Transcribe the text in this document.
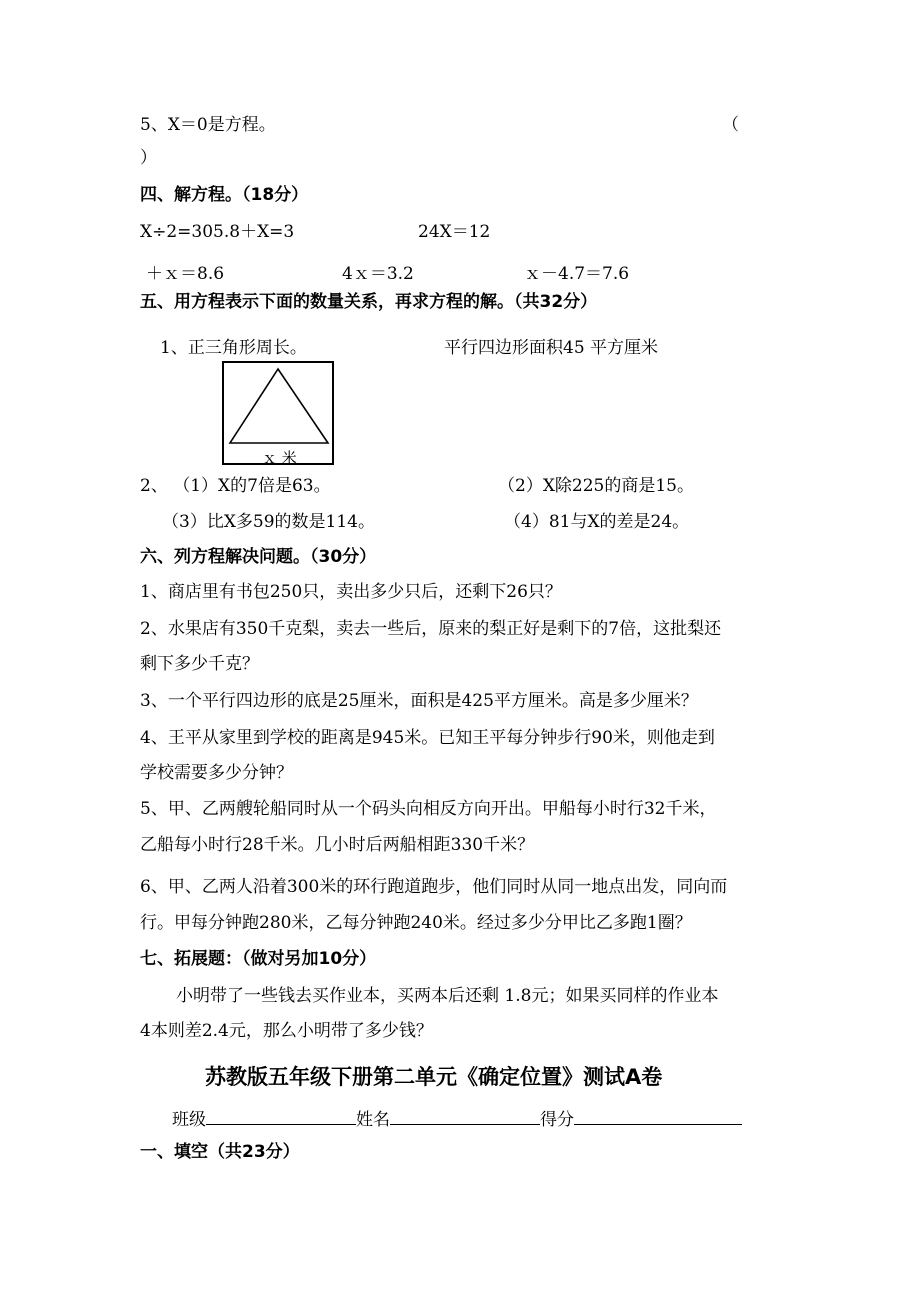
5、X＝0是方程。	（
）
四、解方程。（18分）
X÷2=305.8＋X=3	24X＝12
＋ｘ＝8.6	4ｘ＝3.2	ｘ－4.7＝7.6
五、用方程表示下面的数量关系，再求方程的解。（共32分）
1、正三角形周长。	平行四边形面积45 平方厘米
ｘ 米
2、 （1）X的7倍是63。	（2）X除225的商是15。
（3）比X多59的数是114。	（4）81与X的差是24。
六、列方程解决问题。（30分）
1、商店里有书包250只，卖出多少只后，还剩下26只？
2、水果店有350千克梨，卖去一些后，原来的梨正好是剩下的7倍，这批梨还
剩下多少千克？
3、一个平行四边形的底是25厘米，面积是425平方厘米。高是多少厘米？
4、王平从家里到学校的距离是945米。已知王平每分钟步行90米，则他走到
学校需要多少分钟？
5、甲、乙两艘轮船同时从一个码头向相反方向开出。甲船每小时行32千米，
乙船每小时行28千米。几小时后两船相距330千米？
6、甲、乙两人沿着300米的环行跑道跑步，他们同时从同一地点出发，同向而
行。甲每分钟跑280米，乙每分钟跑240米。经过多少分甲比乙多跑1圈？
七、拓展题：（做对另加10分）
小明带了一些钱去买作业本，买两本后还剩 1.8元；如果买同样的作业本
4本则差2.4元，那么小明带了多少钱？
苏教版五年级下册第二单元《确定位置》测试A卷
班级	姓名	得分
一、填空（共23分）
